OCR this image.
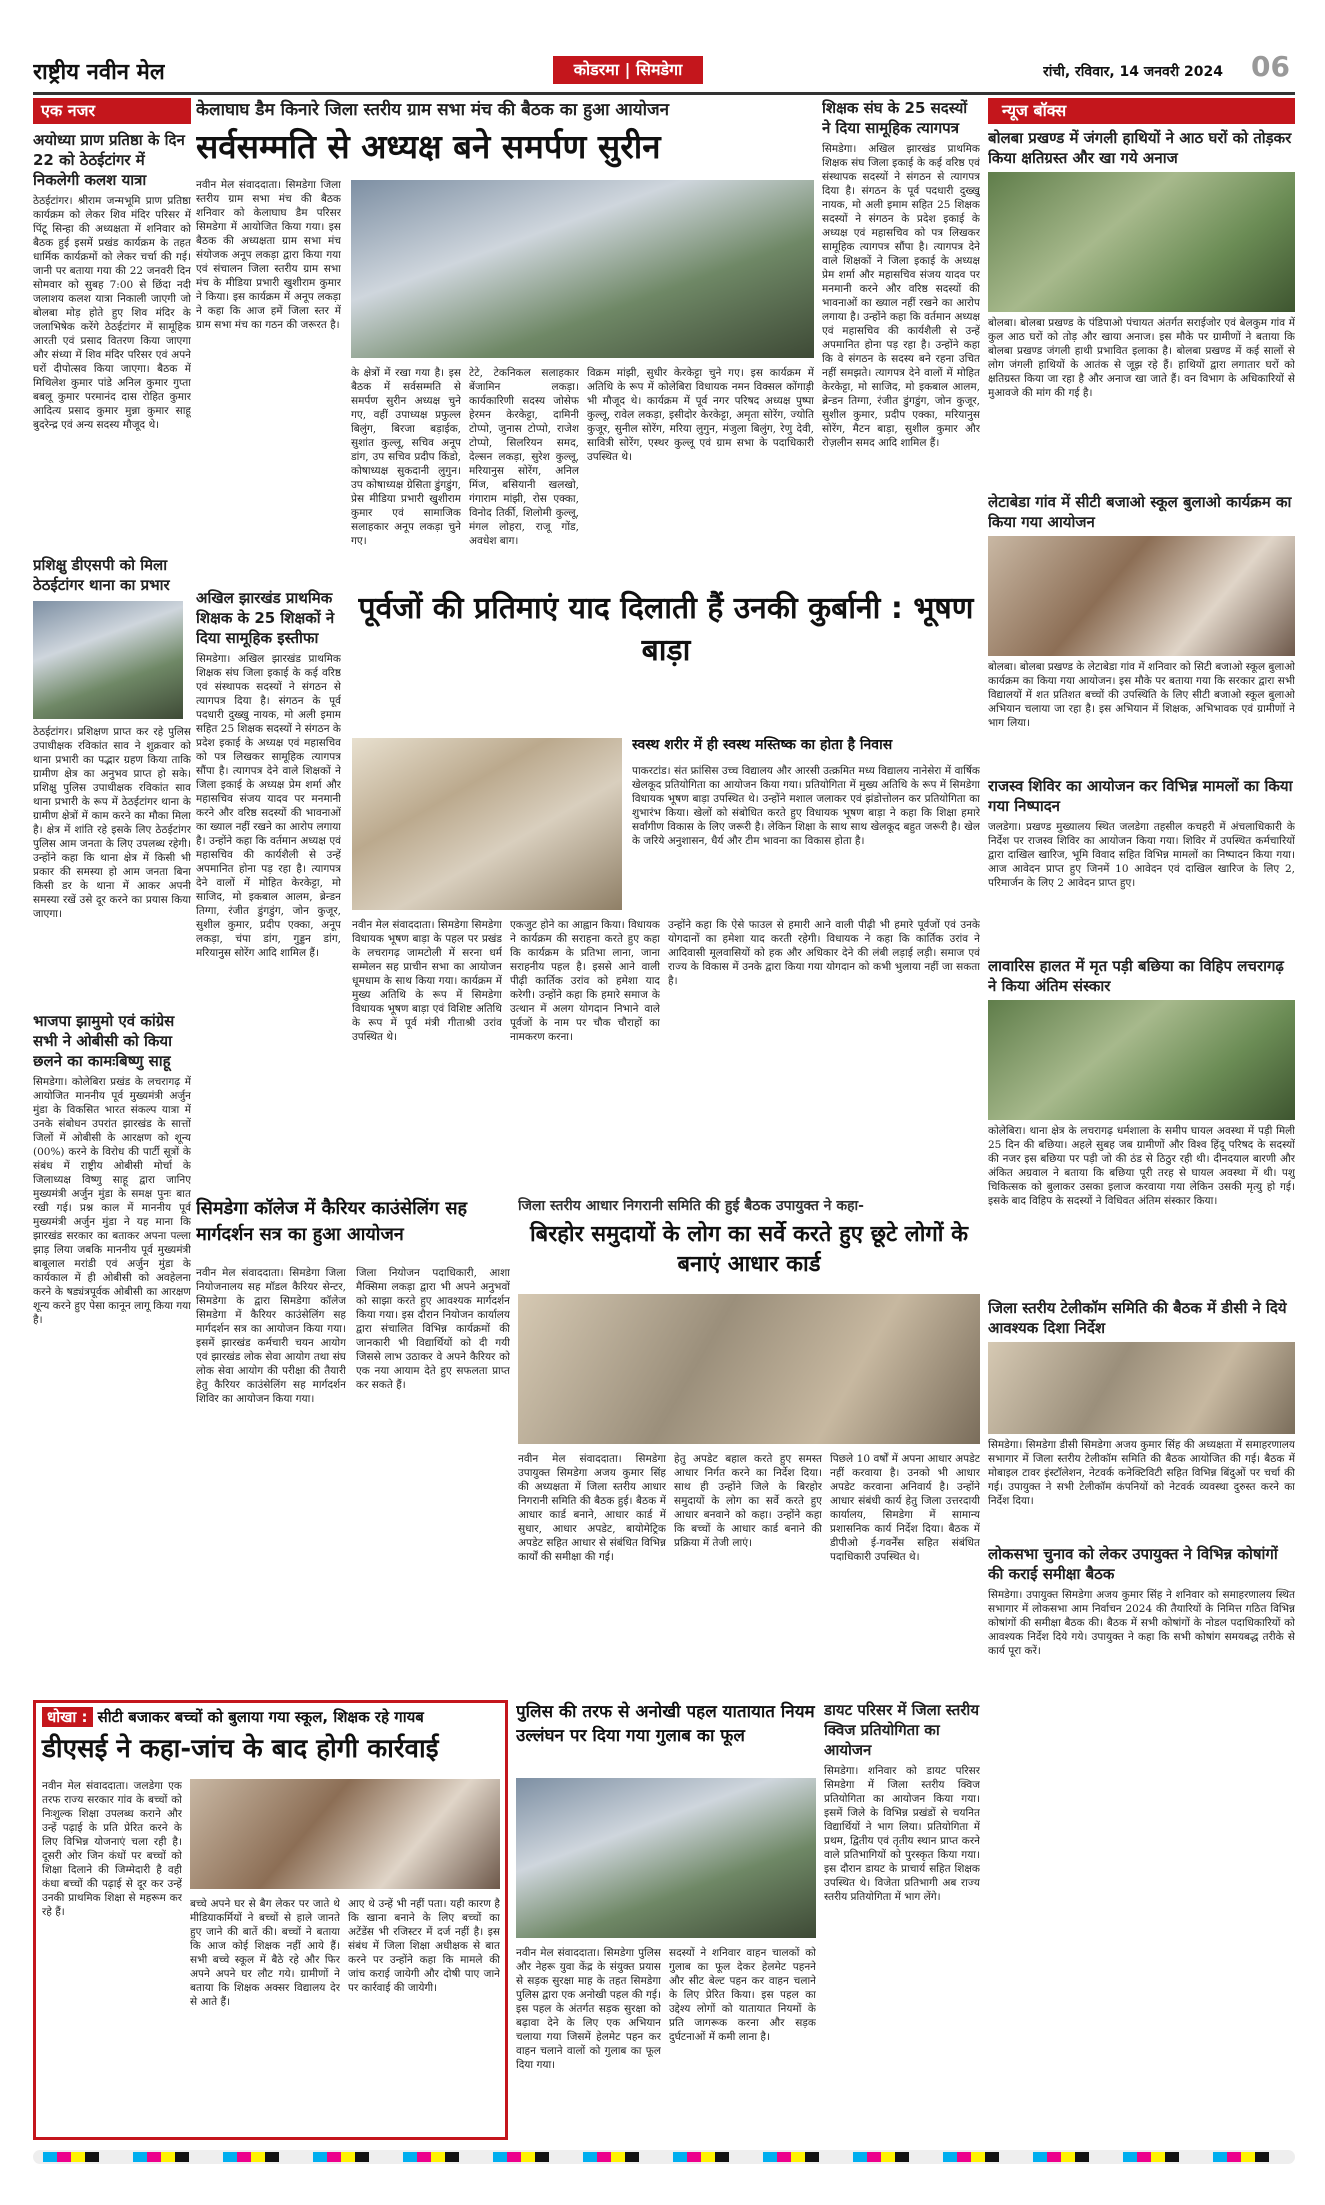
राष्ट्रीय नवीन मेल	कोडरमा | सिमडेगा	रांची, रविवार, 14 जनवरी 2024 06
एक नजर
अयोध्या प्राण प्रतिष्ठा के दिन 22 को ठेठईटांगर में निकलेगी कलश यात्रा
ठेठईटांगर। श्रीराम जन्मभूमि प्राण प्रतिष्ठा कार्यक्रम को लेकर शिव मंदिर परिसर में पिंटू सिन्हा की अध्यक्षता में शनिवार को बैठक हुई इसमें प्रखंड कार्यक्रम के तहत धार्मिक कार्यक्रमों को लेकर चर्चा की गई। जानी पर बताया गया की 22 जनवरी दिन सोमवार को सुबह 7:00 से छिंदा नदी जलाशय कलश यात्रा निकाली जाएगी जो बोलबा मोड़ होते हुए शिव मंदिर के जलाभिषेक करेंगे ठेठईटांगर में सामूहिक आरती एवं प्रसाद वितरण किया जाएगा और संध्या में शिव मंदिर परिसर एवं अपने घरों दीपोत्सव किया जाएगा। बैठक में मिथिलेश कुमार पांडे अनिल कुमार गुप्ता बबलू कुमार परमानंद दास रोहित कुमार आदित्य प्रसाद कुमार मुन्ना कुमार साहू बुदरेन्द्र एवं अन्य सदस्य मौजूद थे।
प्रशिक्षु डीएसपी को मिला ठेठईटांगर थाना का प्रभार
ठेठईटांगर। प्रशिक्षण प्राप्त कर रहे पुलिस उपाधीक्षक रविकांत साव ने शुक्रवार को थाना प्रभारी का पद्भार ग्रहण किया ताकि ग्रामीण क्षेत्र का अनुभव प्राप्त हो सके। प्रशिक्षु पुलिस उपाधीक्षक रविकांत साव थाना प्रभारी के रूप में ठेठईटांगर थाना के ग्रामीण क्षेत्रों में काम करने का मौका मिला है। क्षेत्र में शांति रहे इसके लिए ठेठईटांगर पुलिस आम जनता के लिए उपलब्ध रहेगी। उन्होंने कहा कि थाना क्षेत्र में किसी भी प्रकार की समस्या हो आम जनता बिना किसी डर के थाना में आकर अपनी समस्या रखें उसे दूर करने का प्रयास किया जाएगा।
भाजपा झामुमो एवं कांग्रेस सभी ने ओबीसी को किया छलने का कामःबिष्णु साहू
सिमडेगा। कोलेबिरा प्रखंड के लचरागढ़ में आयोजित माननीय पूर्व मुख्यमंत्री अर्जुन मुंडा के विकसित भारत संकल्प यात्रा में उनके संबोधन उपरांत झारखंड के सात्तों जिलों में ओबीसी के आरक्षण को शून्य (00%) करने के विरोध की पार्टी सूत्रों के संबंध में राष्ट्रीय ओबीसी मोर्चा के जिलाध्यक्ष विष्णु साहू द्वारा जानिए मुख्यमंत्री अर्जुन मुंडा के समक्ष पुनः बात रखी गई। प्रश्न काल में माननीय पूर्व मुख्यमंत्री अर्जुन मुंडा ने यह माना कि झारखंड सरकार का बताकर अपना पल्ला झाड़ लिया जबकि माननीय पूर्व मुख्यमंत्री बाबूलाल मरांडी एवं अर्जुन मुंडा के कार्यकाल में ही ओबीसी को अवहेलना करने के षड्यंत्रपूर्वक ओबीसी का आरक्षण शून्य करने हुए पेसा कानून लागू किया गया है।
केलाघाघ डैम किनारे जिला स्तरीय ग्राम सभा मंच की बैठक का हुआ आयोजन
सर्वसम्मति से अध्यक्ष बने समर्पण सुरीन
नवीन मेल संवाददाता। सिमडेगा जिला स्तरीय ग्राम सभा मंच की बैठक शनिवार को केलाघाघ डैम परिसर सिमडेगा में आयोजित किया गया। इस बैठक की अध्यक्षता ग्राम सभा मंच संयोजक अनूप लकड़ा द्वारा किया गया एवं संचालन जिला स्तरीय ग्राम सभा मंच के मीडिया प्रभारी खुशीराम कुमार ने किया। इस कार्यक्रम में अनूप लकड़ा ने कहा कि आज हमें जिला स्तर में ग्राम सभा मंच का गठन की जरूरत है।
के क्षेत्रों में रखा गया है। इस बैठक में सर्वसम्मति से समर्पण सुरीन अध्यक्ष चुने गए, वहीं उपाध्यक्ष प्रफुल्ल बिलुंग, बिरजा बड़ाईक, सुशांत कुल्लू, सचिव अनूप डांग, उप सचिव प्रदीप किंडो, कोषाध्यक्ष सुकदानी लुगुन। उप कोषाध्यक्ष ग्रेसिता डुंगडुंग, प्रेस मीडिया प्रभारी खुशीराम कुमार एवं सामाजिक सलाहकार अनूप लकड़ा चुने गए।
टेटे, टेकनिकल सलाहकार बेंजामिन लकड़ा। कार्यकारिणी सदस्य जोसेफ हेरमन केरकेट्टा, दामिनी टोप्पो, जुनास टोप्पो, राजेश टोप्पो, सिलरियन समद, देल्सन लकड़ा, सुरेश कुल्लू, मरियानुस सोरेंग, अनिल मिंज, बसियानी खलखो, गंगाराम मांझी, रोस एक्का, विनोद तिर्की, शिलोमी कुल्लू, मंगल लोहरा, राजू गोंड, अवधेश बाग।
विक्रम मांझी, सुधीर केरकेट्टा चुने गए। इस कार्यक्रम में अतिथि के रूप में कोलेबिरा विधायक नमन विक्सल कोंगाड़ी भी मौजूद थे। कार्यक्रम में पूर्व नगर परिषद अध्यक्ष पुष्पा कुल्लू, रावेल लकड़ा, इसीदोर केरकेट्टा, अमृता सोरेंग, ज्योति कुजूर, सुनील सोरेंग, मरिया लुगुन, मंजुला बिलुंग, रेणु देवी, सावित्री सोरेंग, एस्थर कुल्लू एवं ग्राम सभा के पदाधिकारी उपस्थित थे।
शिक्षक संघ के 25 सदस्यों ने दिया सामूहिक त्यागपत्र
सिमडेगा। अखिल झारखंड प्राथमिक शिक्षक संघ जिला इकाई के कई वरिष्ठ एवं संस्थापक सदस्यों ने संगठन से त्यागपत्र दिया है। संगठन के पूर्व पदधारी दुख्खु नायक, मो अली इमाम सहित 25 शिक्षक सदस्यों ने संगठन के प्रदेश इकाई के अध्यक्ष एवं महासचिव को पत्र लिखकर सामूहिक त्यागपत्र सौंपा है। त्यागपत्र देने वाले शिक्षकों ने जिला इकाई के अध्यक्ष प्रेम शर्मा और महासचिव संजय यादव पर मनमानी करने और वरिष्ठ सदस्यों की भावनाओं का ख्याल नहीं रखने का आरोप लगाया है। उन्होंने कहा कि वर्तमान अध्यक्ष एवं महासचिव की कार्यशैली से उन्हें अपमानित होना पड़ रहा है। उन्होंने कहा कि वे संगठन के सदस्य बने रहना उचित नहीं समझते। त्यागपत्र देने वालों में मोहित केरकेट्टा, मो साजिद, मो इकबाल आलम, ब्रेन्डन तिग्गा, रंजीत डुंगडुंग, जोन कुजूर, सुशील कुमार, प्रदीप एक्का, मरियानुस सोरेंग, मैटन बाड़ा, सुशील कुमार और रोज़लीन समद आदि शामिल हैं।
न्यूज बॉक्स
बोलबा प्रखण्ड में जंगली हाथियों ने आठ घरों को तोड़कर किया क्षतिग्रस्त और खा गये अनाज
बोलबा। बोलबा प्रखण्ड के पंडिपाओ पंचायत अंतर्गत सराईजोर एवं बेलकुम गांव में कुल आठ घरों को तोड़ और खाया अनाज। इस मौके पर ग्रामीणों ने बताया कि बोलबा प्रखण्ड जंगली हाथी प्रभावित इलाका है। बोलबा प्रखण्ड में कई सालों से लोग जंगली हाथियों के आतंक से जूझ रहे हैं। हाथियों द्वारा लगातार घरों को क्षतिग्रस्त किया जा रहा है और अनाज खा जाते हैं। वन विभाग के अधिकारियों से मुआवजे की मांग की गई है।
लेटाबेडा गांव में सीटी बजाओ स्कूल बुलाओ कार्यक्रम का किया गया आयोजन
बोलबा। बोलबा प्रखण्ड के लेटाबेडा गांव में शनिवार को सिटी बजाओ स्कूल बुलाओ कार्यक्रम का किया गया आयोजन। इस मौके पर बताया गया कि सरकार द्वारा सभी विद्यालयों में शत प्रतिशत बच्चों की उपस्थिति के लिए सीटी बजाओ स्कूल बुलाओ अभियान चलाया जा रहा है। इस अभियान में शिक्षक, अभिभावक एवं ग्रामीणों ने भाग लिया।
राजस्व शिविर का आयोजन कर विभिन्न मामलों का किया गया निष्पादन
जलडेगा। प्रखण्ड मुख्यालय स्थित जलडेगा तहसील कचहरी में अंचलाधिकारी के निर्देश पर राजस्व शिविर का आयोजन किया गया। शिविर में उपस्थित कर्मचारियों द्वारा दाखिल खारिज, भूमि विवाद सहित विभिन्न मामलों का निष्पादन किया गया। आज आवेदन प्राप्त हुए जिनमें 10 आवेदन एवं दाखिल खारिज के लिए 2, परिमार्जन के लिए 2 आवेदन प्राप्त हुए।
लावारिस हालत में मृत पड़ी बछिया का विहिप लचरागढ़ ने किया अंतिम संस्कार
कोलेबिरा। थाना क्षेत्र के लचरागढ़ धर्मशाला के समीप घायल अवस्था में पड़ी मिली 25 दिन की बछिया। अहले सुबह जब ग्रामीणों और विश्व हिंदू परिषद के सदस्यों की नजर इस बछिया पर पड़ी जो की ठंड से ठिठुर रही थी। दीनदयाल बारणी और अंकित अग्रवाल ने बताया कि बछिया पूरी तरह से घायल अवस्था में थी। पशु चिकित्सक को बुलाकर उसका इलाज करवाया गया लेकिन उसकी मृत्यु हो गई। इसके बाद विहिप के सदस्यों ने विधिवत अंतिम संस्कार किया।
जिला स्तरीय टेलीकॉम समिति की बैठक में डीसी ने दिये आवश्यक दिशा निर्देश
सिमडेगा। सिमडेगा डीसी सिमडेगा अजय कुमार सिंह की अध्यक्षता में समाहरणालय सभागार में जिला स्तरीय टेलीकॉम समिति की बैठक आयोजित की गई। बैठक में मोबाइल टावर इंस्टॉलेशन, नेटवर्क कनेक्टिविटी सहित विभिन्न बिंदुओं पर चर्चा की गई। उपायुक्त ने सभी टेलीकॉम कंपनियों को नेटवर्क व्यवस्था दुरुस्त करने का निर्देश दिया।
लोकसभा चुनाव को लेकर उपायुक्त ने विभिन्न कोषांगों की कराई समीक्षा बैठक
सिमडेगा। उपायुक्त सिमडेगा अजय कुमार सिंह ने शनिवार को समाहरणालय स्थित सभागार में लोकसभा आम निर्वाचन 2024 की तैयारियों के निमित्त गठित विभिन्न कोषांगों की समीक्षा बैठक की। बैठक में सभी कोषांगों के नोडल पदाधिकारियों को आवश्यक निर्देश दिये गये। उपायुक्त ने कहा कि सभी कोषांग समयबद्ध तरीके से कार्य पूरा करें।
अखिल झारखंड प्राथमिक शिक्षक के 25 शिक्षकों ने दिया सामूहिक इस्तीफा
सिमडेगा। अखिल झारखंड प्राथमिक शिक्षक संघ जिला इकाई के कई वरिष्ठ एवं संस्थापक सदस्यों ने संगठन से त्यागपत्र दिया है। संगठन के पूर्व पदधारी दुख्खु नायक, मो अली इमाम सहित 25 शिक्षक सदस्यों ने संगठन के प्रदेश इकाई के अध्यक्ष एवं महासचिव को पत्र लिखकर सामूहिक त्यागपत्र सौंपा है। त्यागपत्र देने वाले शिक्षकों ने जिला इकाई के अध्यक्ष प्रेम शर्मा और महासचिव संजय यादव पर मनमानी करने और वरिष्ठ सदस्यों की भावनाओं का ख्याल नहीं रखने का आरोप लगाया है। उन्होंने कहा कि वर्तमान अध्यक्ष एवं महासचिव की कार्यशैली से उन्हें अपमानित होना पड़ रहा है। त्यागपत्र देने वालों में मोहित केरकेट्टा, मो साजिद, मो इकबाल आलम, ब्रेन्डन तिग्गा, रंजीत डुंगडुंग, जोन कुजूर, सुशील कुमार, प्रदीप एक्का, अनूप लकड़ा, चंपा डांग, गुड्डन डांग, मरियानुस सोरेंग आदि शामिल हैं।
पूर्वजों की प्रतिमाएं याद दिलाती हैं उनकी कुर्बानी : भूषण बाड़ा
स्वस्थ शरीर में ही स्वस्थ मस्तिष्क का होता है निवास
पाकरटांड। संत फ्रांसिस उच्च विद्यालय और आरसी उत्क्रमित मध्य विद्यालय नानेसेरा में वार्षिक खेलकूद प्रतियोगिता का आयोजन किया गया। प्रतियोगिता में मुख्य अतिथि के रूप में सिमडेगा विधायक भूषण बाड़ा उपस्थित थे। उन्होंने मशाल जलाकर एवं झंडोत्तोलन कर प्रतियोगिता का शुभारंभ किया। खेलों को संबोधित करते हुए विधायक भूषण बाड़ा ने कहा कि शिक्षा हमारे सर्वांगीण विकास के लिए जरूरी है। लेकिन शिक्षा के साथ साथ खेलकूद बहुत जरूरी है। खेल के जरिये अनुशासन, धैर्य और टीम भावना का विकास होता है।
नवीन मेल संवाददाता। सिमडेगा सिमडेगा विधायक भूषण बाड़ा के पहल पर प्रखंड के लचरागढ़ जामटोली में सरना धर्म सम्मेलन सह प्राचीन सभा का आयोजन धूमधाम के साथ किया गया। कार्यक्रम में मुख्य अतिथि के रूप में सिमडेगा विधायक भूषण बाड़ा एवं विशिष्ट अतिथि के रूप में पूर्व मंत्री गीताश्री उरांव उपस्थित थे।
एकजुट होने का आह्वान किया। विधायक ने कार्यक्रम की सराहना करते हुए कहा कि कार्यक्रम के प्रतिभा लाना, जाना सराहनीय पहल है। इससे आने वाली पीढ़ी कार्तिक उरांव को हमेशा याद करेगी। उन्होंने कहा कि हमारे समाज के उत्थान में अलग योगदान निभाने वाले पूर्वजों के नाम पर चौक चौराहों का नामकरण करना।
उन्होंने कहा कि ऐसे फाउल से हमारी आने वाली पीढ़ी भी हमारे पूर्वजों एवं उनके योगदानों का हमेशा याद करती रहेगी। विधायक ने कहा कि कार्तिक उरांव ने आदिवासी मूलवासियों को हक और अधिकार देने की लंबी लड़ाई लड़ी। समाज एवं राज्य के विकास में उनके द्वारा किया गया योगदान को कभी भुलाया नहीं जा सकता है।
सिमडेगा कॉलेज में कैरियर काउंसेलिंग सह मार्गदर्शन सत्र का हुआ आयोजन
नवीन मेल संवाददाता। सिमडेगा जिला नियोजनालय सह मॉडल कैरियर सेन्टर, सिमडेगा के द्वारा सिमडेगा कॉलेज सिमडेगा में कैरियर काउंसेलिंग सह मार्गदर्शन सत्र का आयोजन किया गया। इसमें झारखंड कर्मचारी चयन आयोग एवं झारखंड लोक सेवा आयोग तथा संघ लोक सेवा आयोग की परीक्षा की तैयारी हेतु कैरियर काउंसेलिंग सह मार्गदर्शन शिविर का आयोजन किया गया।
जिला नियोजन पदाधिकारी, आशा मैक्सिमा लकड़ा द्वारा भी अपने अनुभवों को साझा करते हुए आवश्यक मार्गदर्शन किया गया। इस दौरान नियोजन कार्यालय द्वारा संचालित विभिन्न कार्यक्रमों की जानकारी भी विद्यार्थियों को दी गयी जिससे लाभ उठाकर वे अपने कैरियर को एक नया आयाम देते हुए सफलता प्राप्त कर सकते हैं।
जिला स्तरीय आधार निगरानी समिति की हुई बैठक उपायुक्त ने कहा-
बिरहोर समुदायों के लोग का सर्वे करते हुए छूटे लोगों के बनाएं आधार कार्ड
नवीन मेल संवाददाता। सिमडेगा उपायुक्त सिमडेगा अजय कुमार सिंह की अध्यक्षता में जिला स्तरीय आधार निगरानी समिति की बैठक हुई। बैठक में आधार कार्ड बनाने, आधार कार्ड में सुधार, आधार अपडेट, बायोमेट्रिक अपडेट सहित आधार से संबंधित विभिन्न कार्यों की समीक्षा की गई।
हेतु अपडेट बहाल करते हुए समस्त आधार निर्गत करने का निर्देश दिया। साथ ही उन्होंने जिले के बिरहोर समुदायों के लोग का सर्वे करते हुए आधार बनवाने को कहा। उन्होंने कहा कि बच्चों के आधार कार्ड बनाने की प्रक्रिया में तेजी लाएं।
पिछले 10 वर्षों में अपना आधार अपडेट नहीं करवाया है। उनको भी आधार अपडेट करवाना अनिवार्य है। उन्होंने आधार संबंधी कार्य हेतु जिला उत्तरदायी कार्यालय, सिमडेगा में सामान्य प्रशासनिक कार्य निर्देश दिया। बैठक में डीपीओ ई-गवर्नेंस सहित संबंधित पदाधिकारी उपस्थित थे।
धोखा : सीटी बजाकर बच्चों को बुलाया गया स्कूल, शिक्षक रहे गायब
डीएसई ने कहा-जांच के बाद होगी कार्रवाई
नवीन मेल संवाददाता। जलडेगा एक तरफ राज्य सरकार गांव के बच्चों को निःशुल्क शिक्षा उपलब्ध कराने और उन्हें पढ़ाई के प्रति प्रेरित करने के लिए विभिन्न योजनाएं चला रही है। दूसरी ओर जिन कंधों पर बच्चों को शिक्षा दिलाने की जिम्मेदारी है वही कंधा बच्चों की पढ़ाई से दूर कर उन्हें उनकी प्राथमिक शिक्षा से महरूम कर रहे हैं।
बच्चे अपने घर से बैग लेकर पर जाते थे मीडियाकर्मियों ने बच्चों से हाले जानते हुए जाने की बातें की। बच्चों ने बताया कि आज कोई शिक्षक नहीं आये हैं। सभी बच्चे स्कूल में बैठे रहे और फिर अपने अपने घर लौट गये। ग्रामीणों ने बताया कि शिक्षक अक्सर विद्यालय देर से आते हैं।
आए थे उन्हें भी नहीं पता। यही कारण है कि खाना बनाने के लिए बच्चों का अटेंडेंस भी रजिस्टर में दर्ज नहीं है। इस संबंध में जिला शिक्षा अधीक्षक से बात करने पर उन्होंने कहा कि मामले की जांच कराई जायेगी और दोषी पाए जाने पर कार्रवाई की जायेगी।
पुलिस की तरफ से अनोखी पहल यातायात नियम उल्लंघन पर दिया गया गुलाब का फूल
नवीन मेल संवाददाता। सिमडेगा पुलिस और नेहरू युवा केंद्र के संयुक्त प्रयास से सड़क सुरक्षा माह के तहत सिमडेगा पुलिस द्वारा एक अनोखी पहल की गई। इस पहल के अंतर्गत सड़क सुरक्षा को बढ़ावा देने के लिए एक अभियान चलाया गया जिसमें हेलमेट पहन कर वाहन चलाने वालों को गुलाब का फूल दिया गया।
सदस्यों ने शनिवार वाहन चालकों को गुलाब का फूल देकर हेलमेट पहनने और सीट बेल्ट पहन कर वाहन चलाने के लिए प्रेरित किया। इस पहल का उद्देश्य लोगों को यातायात नियमों के प्रति जागरूक करना और सड़क दुर्घटनाओं में कमी लाना है।
डायट परिसर में जिला स्तरीय क्विज प्रतियोगिता का आयोजन
सिमडेगा। शनिवार को डायट परिसर सिमडेगा में जिला स्तरीय क्विज प्रतियोगिता का आयोजन किया गया। इसमें जिले के विभिन्न प्रखंडों से चयनित विद्यार्थियों ने भाग लिया। प्रतियोगिता में प्रथम, द्वितीय एवं तृतीय स्थान प्राप्त करने वाले प्रतिभागियों को पुरस्कृत किया गया। इस दौरान डायट के प्राचार्य सहित शिक्षक उपस्थित थे। विजेता प्रतिभागी अब राज्य स्तरीय प्रतियोगिता में भाग लेंगे।
